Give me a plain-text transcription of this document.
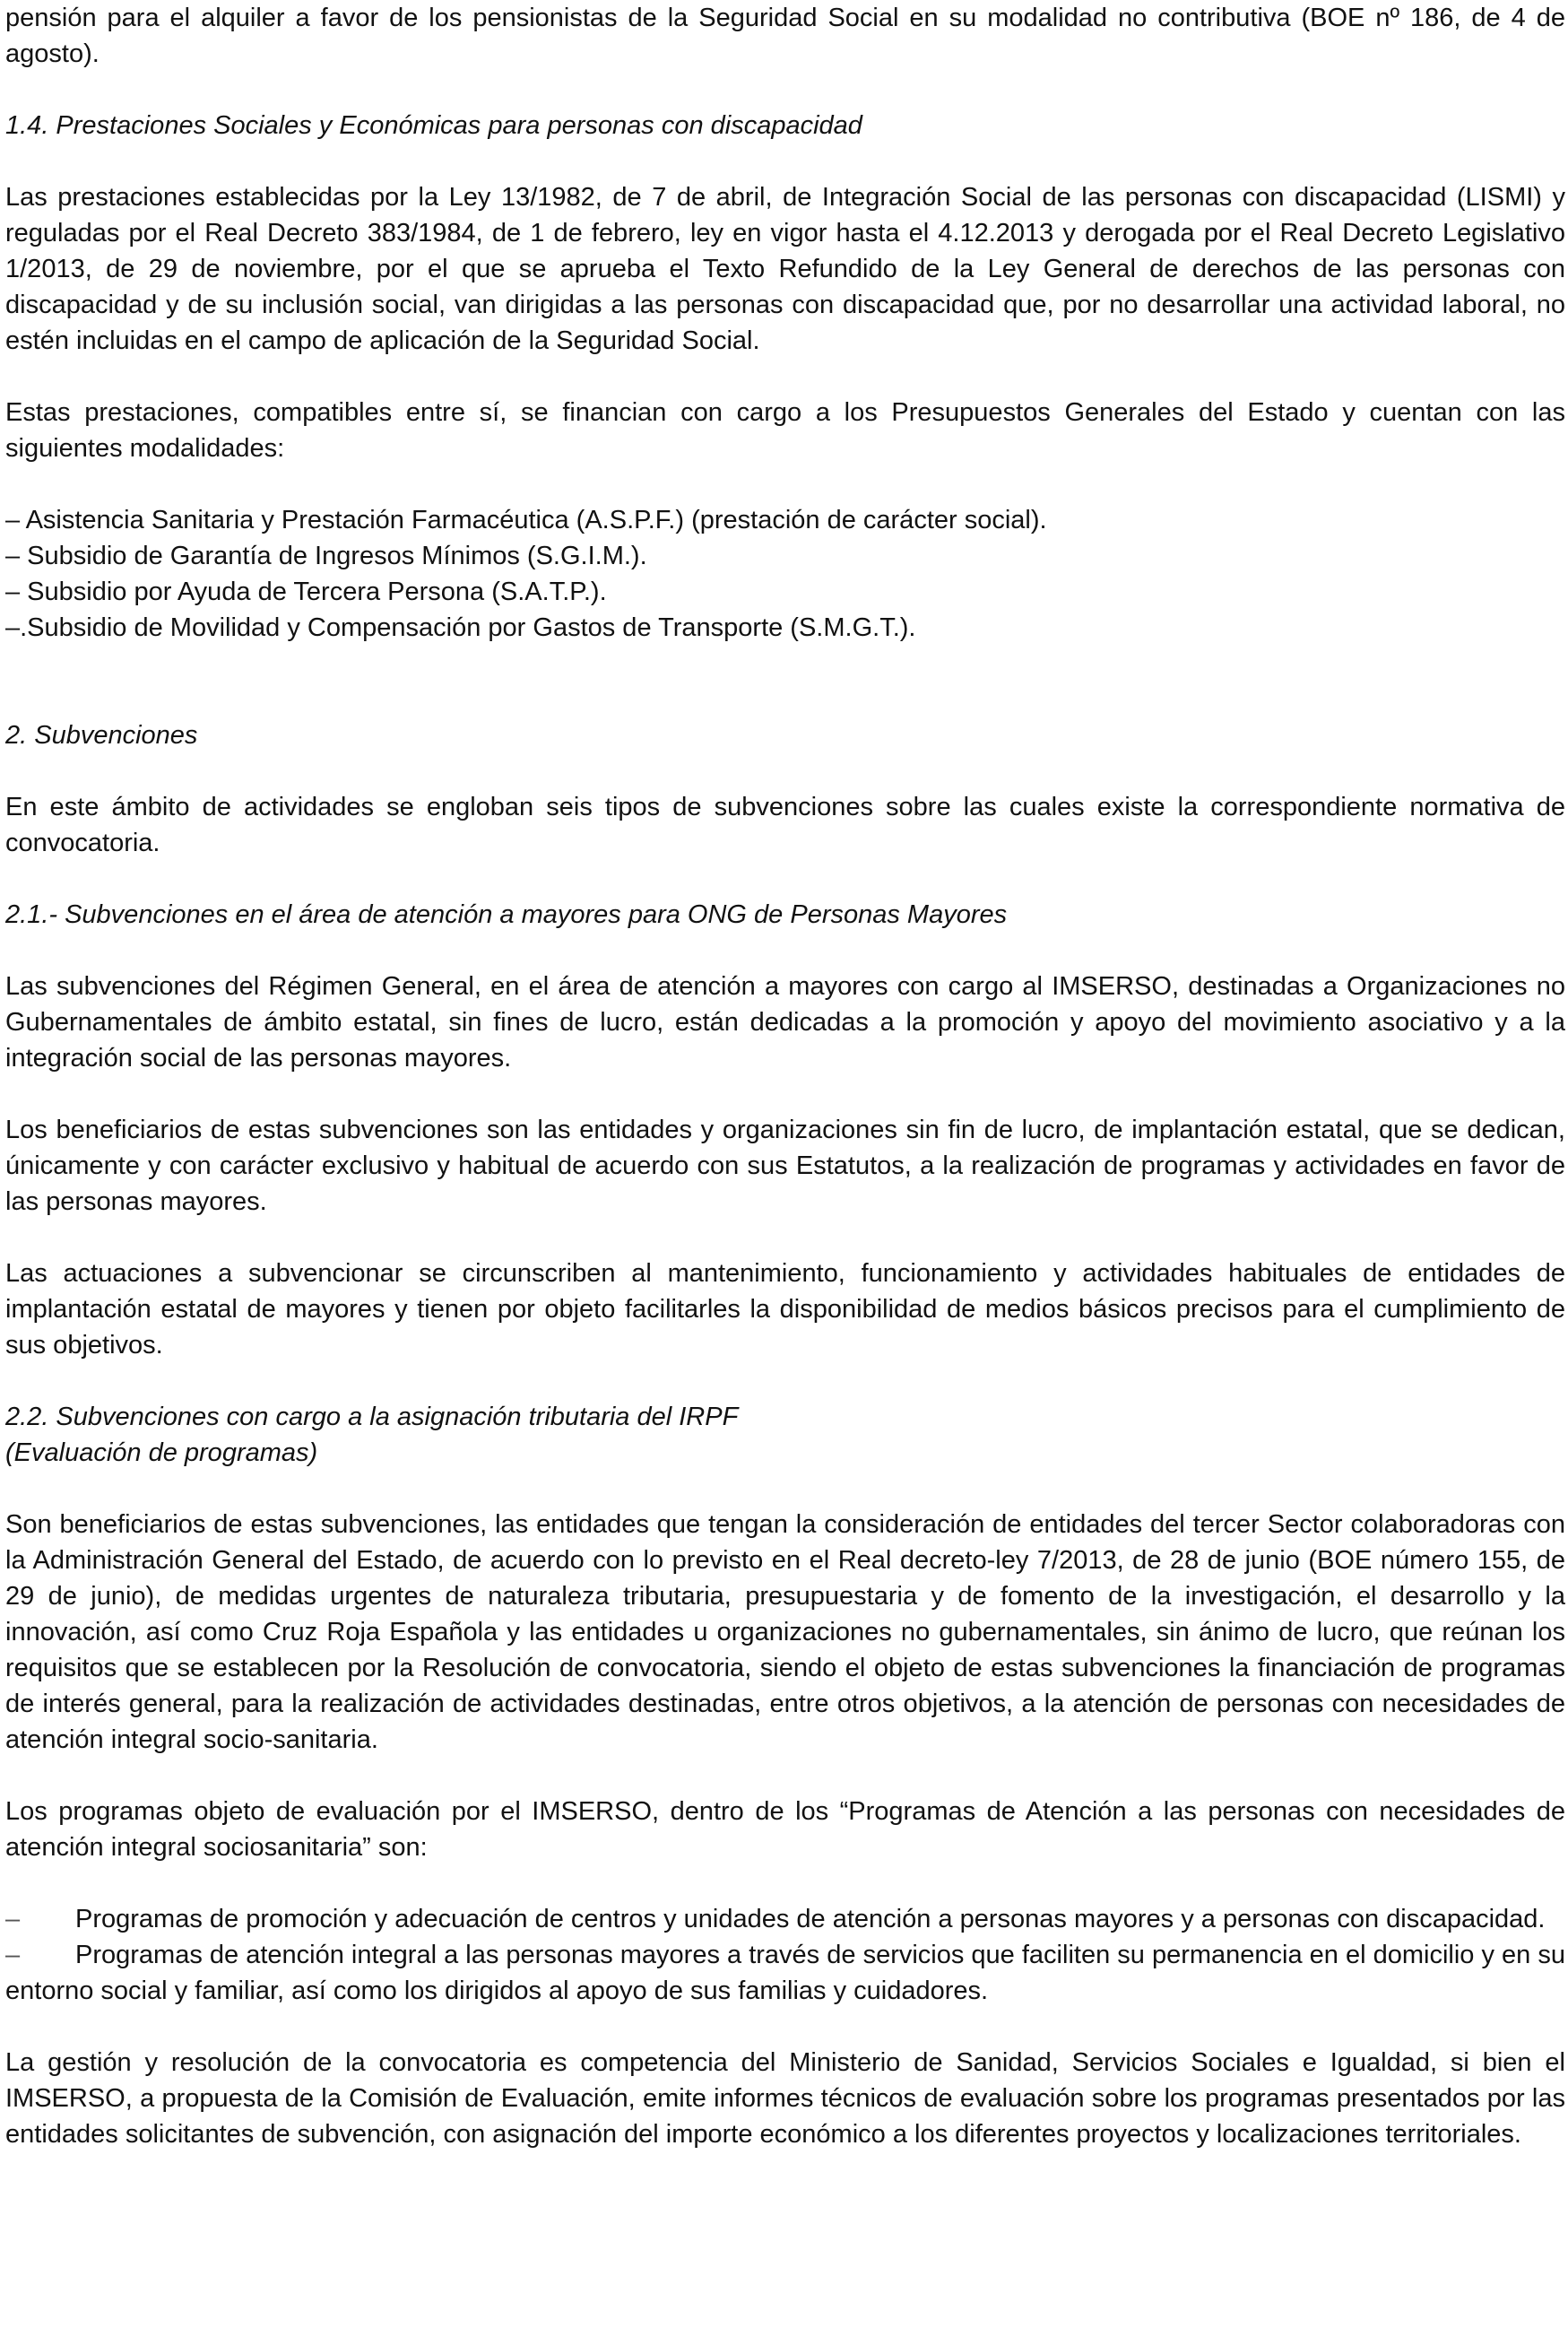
pensión para el alquiler a favor de los pensionistas de la Seguridad Social en su modalidad no contributiva (BOE nº 186, de 4 de agosto).

1.4. Prestaciones Sociales y Económicas para personas con discapacidad

Las prestaciones establecidas por la Ley 13/1982, de 7 de abril, de Integración Social de las personas con discapacidad (LISMI) y reguladas por el Real Decreto 383/1984, de 1 de febrero, ley en vigor hasta el 4.12.2013 y derogada por el Real Decreto Legislativo 1/2013, de 29 de noviembre, por el que se aprueba el Texto Refundido de la Ley General de derechos de las personas con discapacidad y de su inclusión social, van dirigidas a las personas con discapacidad que, por no desarrollar una actividad laboral, no estén incluidas en el campo de aplicación de la Seguridad Social.

Estas prestaciones, compatibles entre sí, se financian con cargo a los Presupuestos Generales del Estado y cuentan con las siguientes modalidades:

– Asistencia Sanitaria y Prestación Farmacéutica (A.S.P.F.) (prestación de carácter social).

– Subsidio de Garantía de Ingresos Mínimos (S.G.I.M.).

– Subsidio por Ayuda de Tercera Persona (S.A.T.P.).

–.Subsidio de Movilidad y Compensación por Gastos de Transporte (S.M.G.T.).

2. Subvenciones

En este ámbito de actividades se engloban seis tipos de subvenciones sobre las cuales existe la correspondiente normativa de convocatoria.

2.1.- Subvenciones en el área de atención a mayores para ONG de Personas Mayores

Las subvenciones del Régimen General, en el área de atención a mayores con cargo al IMSERSO, destinadas a Organizaciones no Gubernamentales de ámbito estatal, sin fines de lucro, están dedicadas a la promoción y apoyo del movimiento asociativo y a la integración social de las personas mayores.

Los beneficiarios de estas subvenciones son las entidades y organizaciones sin fin de lucro, de implantación estatal, que se dedican, únicamente y con carácter exclusivo y habitual de acuerdo con sus Estatutos, a la realización de programas y actividades en favor de las personas mayores.

Las actuaciones a subvencionar se circunscriben al mantenimiento, funcionamiento y actividades habituales de entidades de implantación estatal de mayores y tienen por objeto facilitarles la disponibilidad de medios básicos precisos para el cumplimiento de sus objetivos.

2.2. Subvenciones con cargo a la asignación tributaria del IRPF

(Evaluación de programas)

Son beneficiarios de estas subvenciones, las entidades que tengan la consideración de entidades del tercer Sector colaboradoras con la Administración General del Estado, de acuerdo con lo previsto en el Real decreto-ley 7/2013, de 28 de junio (BOE número 155, de 29 de junio), de medidas urgentes de naturaleza tributaria, presupuestaria y de fomento de la investigación, el desarrollo y la innovación, así como Cruz Roja Española y las entidades u organizaciones no gubernamentales, sin ánimo de lucro, que reúnan los requisitos que se establecen por la Resolución de convocatoria, siendo el objeto de estas subvenciones la financiación de programas de interés general, para la realización de actividades destinadas, entre otros objetivos, a la atención de personas con necesidades de atención integral socio-sanitaria.

Los programas objeto de evaluación por el IMSERSO, dentro de los “Programas de Atención a las personas con necesidades de atención integral sociosanitaria” son:

– Programas de promoción y adecuación de centros y unidades de atención a personas mayores y a personas con discapacidad.

– Programas de atención integral a las personas mayores a través de servicios que faciliten su permanencia en el domicilio y en su entorno social y familiar, así como los dirigidos al apoyo de sus familias y cuidadores.

La gestión y resolución de la convocatoria es competencia del Ministerio de Sanidad, Servicios Sociales e Igualdad, si bien el IMSERSO, a propuesta de la Comisión de Evaluación, emite informes técnicos de evaluación sobre los programas presentados por las entidades solicitantes de subvención, con asignación del importe económico a los diferentes proyectos y localizaciones territoriales.
